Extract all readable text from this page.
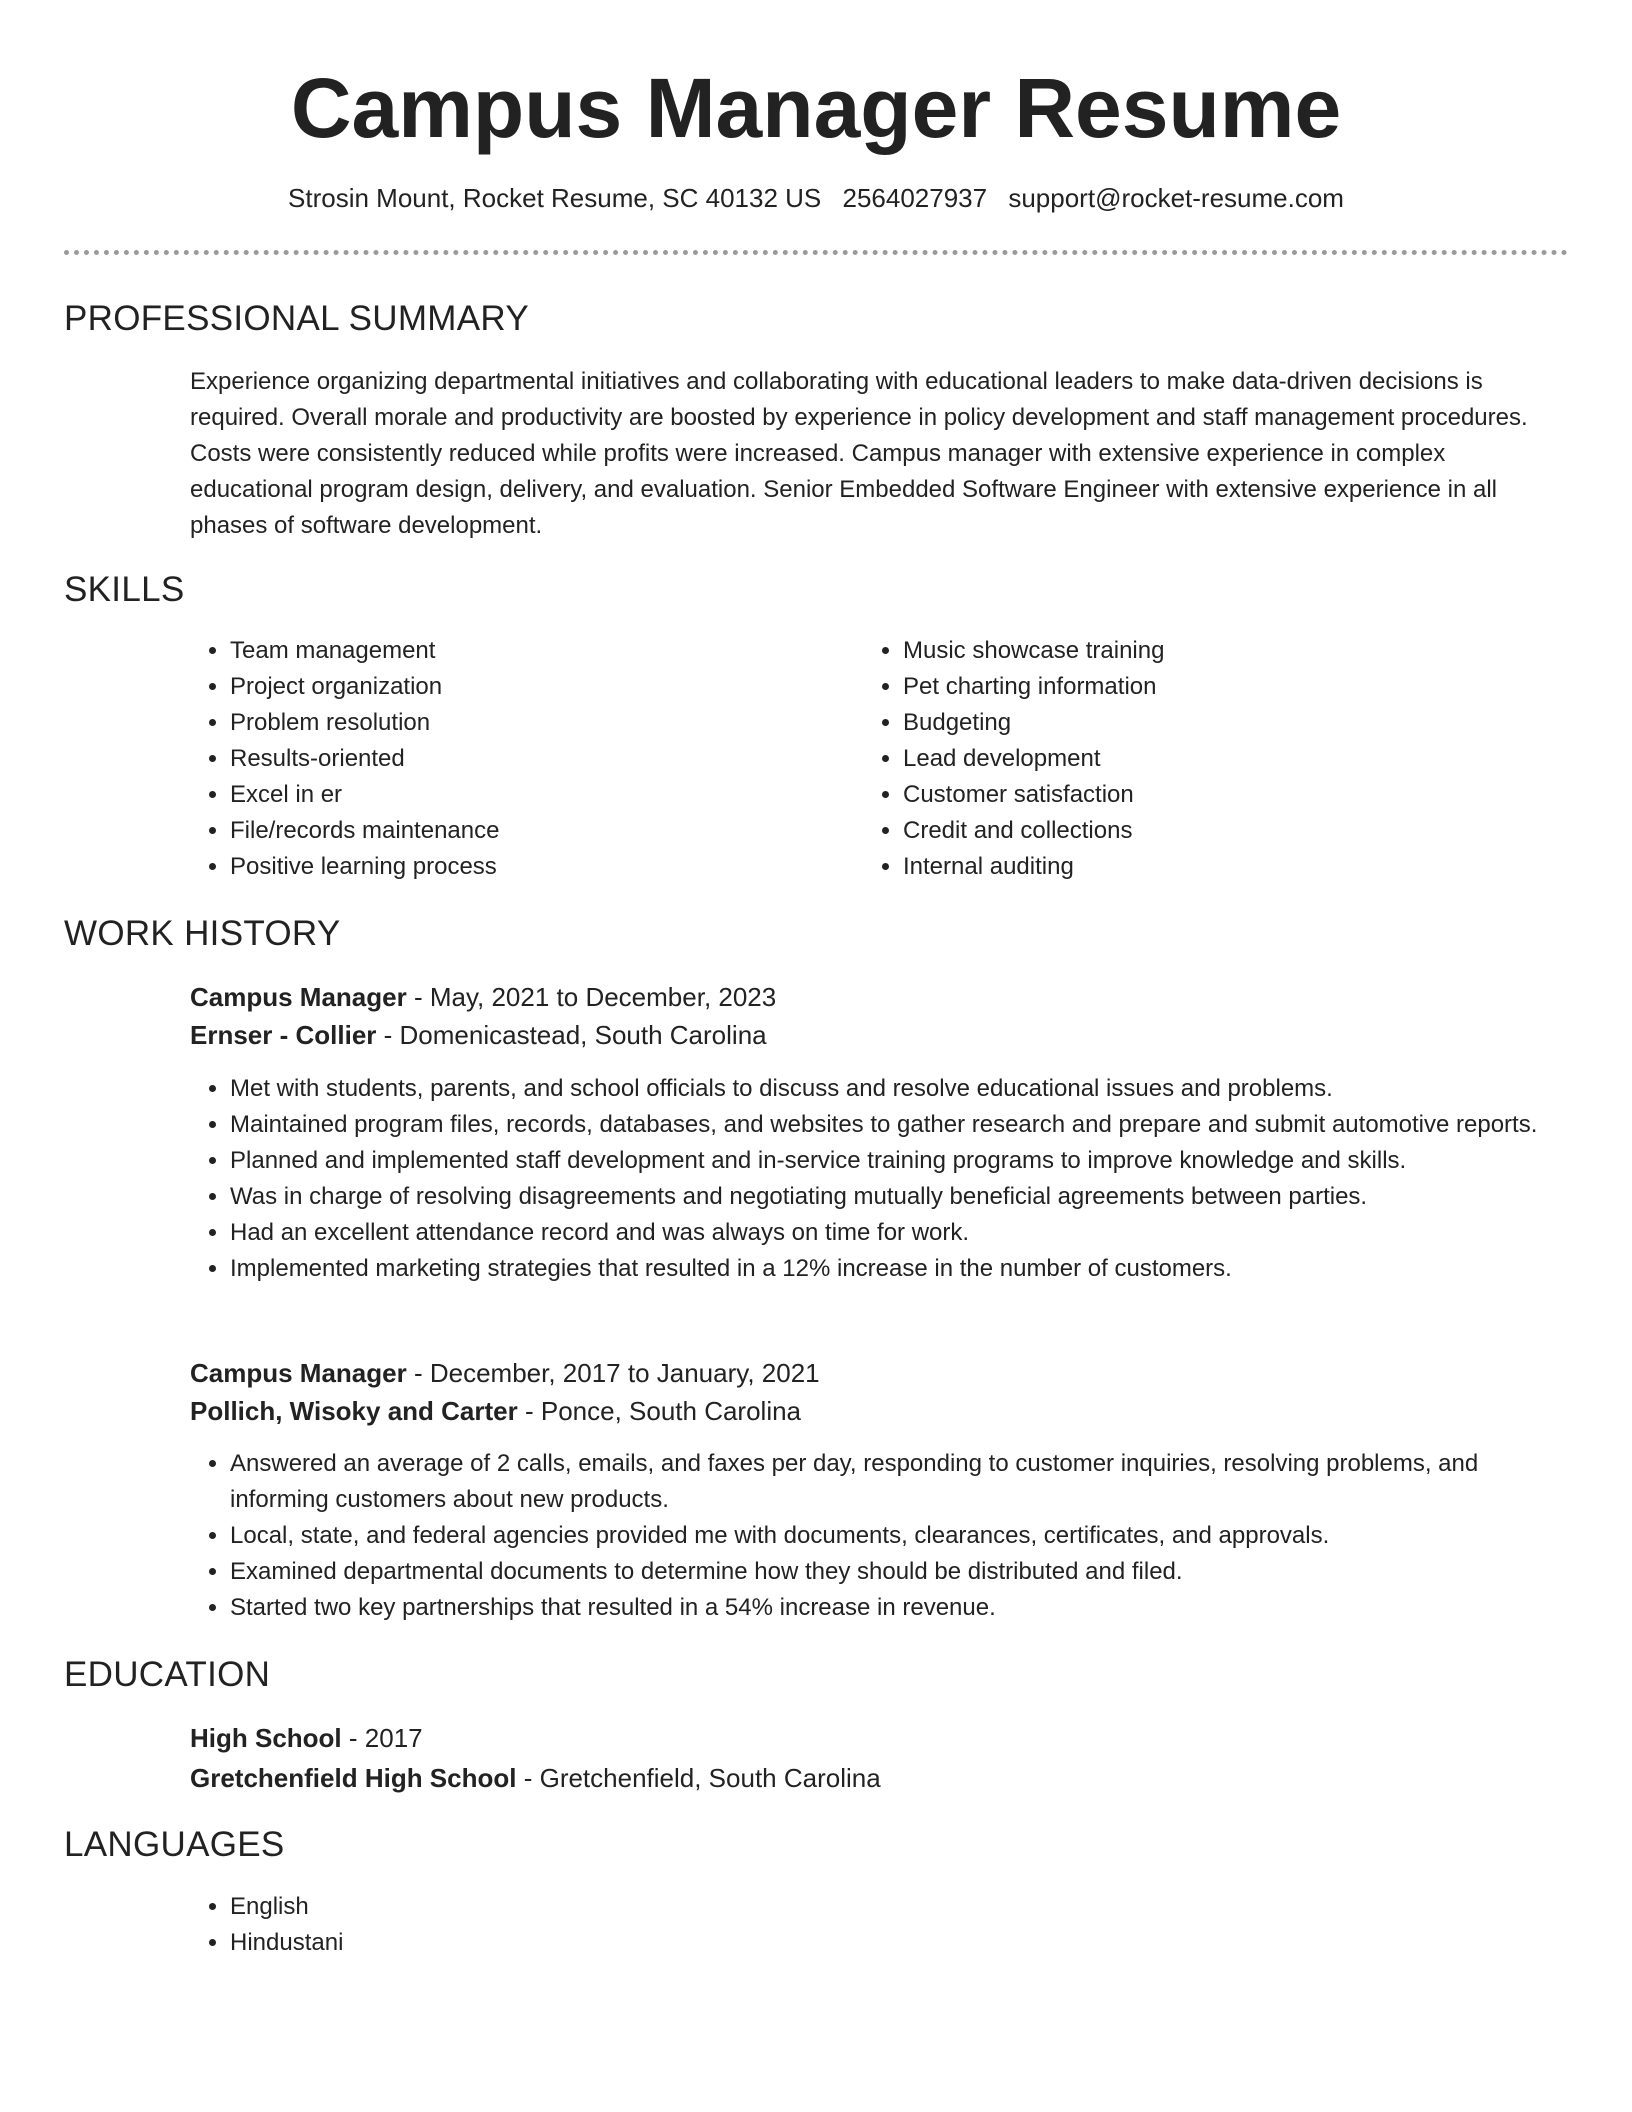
Campus Manager Resume
Strosin Mount, Rocket Resume, SC 40132 US 2564027937 support@rocket-resume.com
PROFESSIONAL SUMMARY

Experience organizing departmental initiatives and collaborating with educational leaders to make data-driven decisions is required. Overall morale and productivity are boosted by experience in policy development and staff management procedures. Costs were consistently reduced while profits were increased. Campus manager with extensive experience in complex educational program design, delivery, and evaluation. Senior Embedded Software Engineer with extensive experience in all phases of software development.

SKILLS
• Team management
• Project organization
• Problem resolution
• Results-oriented
• Excel in er
• File/records maintenance
• Positive learning process
• Music showcase training
• Pet charting information
• Budgeting
• Lead development
• Customer satisfaction
• Credit and collections
• Internal auditing
WORK HISTORY
Campus Manager - May, 2021 to December, 2023
Ernser - Collier - Domenicastead, South Carolina
• Met with students, parents, and school officials to discuss and resolve educational issues and problems.
• Maintained program files, records, databases, and websites to gather research and prepare and submit automotive reports.
• Planned and implemented staff development and in-service training programs to improve knowledge and skills.
• Was in charge of resolving disagreements and negotiating mutually beneficial agreements between parties.
• Had an excellent attendance record and was always on time for work.
• Implemented marketing strategies that resulted in a 12% increase in the number of customers.
Campus Manager - December, 2017 to January, 2021
Pollich, Wisoky and Carter - Ponce, South Carolina
• Answered an average of 2 calls, emails, and faxes per day, responding to customer inquiries, resolving problems, and informing customers about new products.
• Local, state, and federal agencies provided me with documents, clearances, certificates, and approvals.
• Examined departmental documents to determine how they should be distributed and filed.
• Started two key partnerships that resulted in a 54% increase in revenue.
EDUCATION
High School - 2017
Gretchenfield High School - Gretchenfield, South Carolina
LANGUAGES
• English
• Hindustani
